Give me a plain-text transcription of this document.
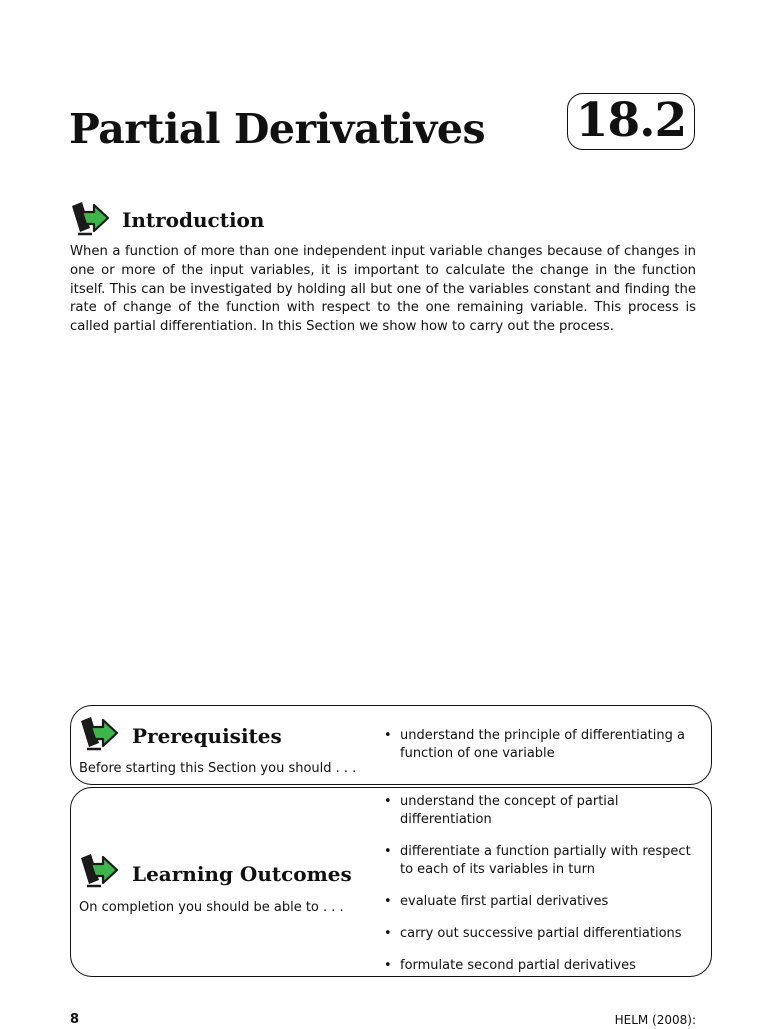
Partial Derivatives 18.2
Introduction

When a function of more than one independent input variable changes because of changes in one or more of the input variables, it is important to calculate the change in the function itself. This can be investigated by holding all but one of the variables constant and finding the rate of change of the function with respect to the one remaining variable. This process is called partial differentiation. In this Section we show how to carry out the process.

Prerequisites

Before starting this Section you should . . .

• understand the principle of differentiating a function of one variable
Learning Outcomes

On completion you should be able to . . .

• understand the concept of partial differentiation
• differentiate a function partially with respect to each of its variables in turn
• evaluate first partial derivatives
• carry out successive partial differentiations
• formulate second partial derivatives

8	HELM (2008):
